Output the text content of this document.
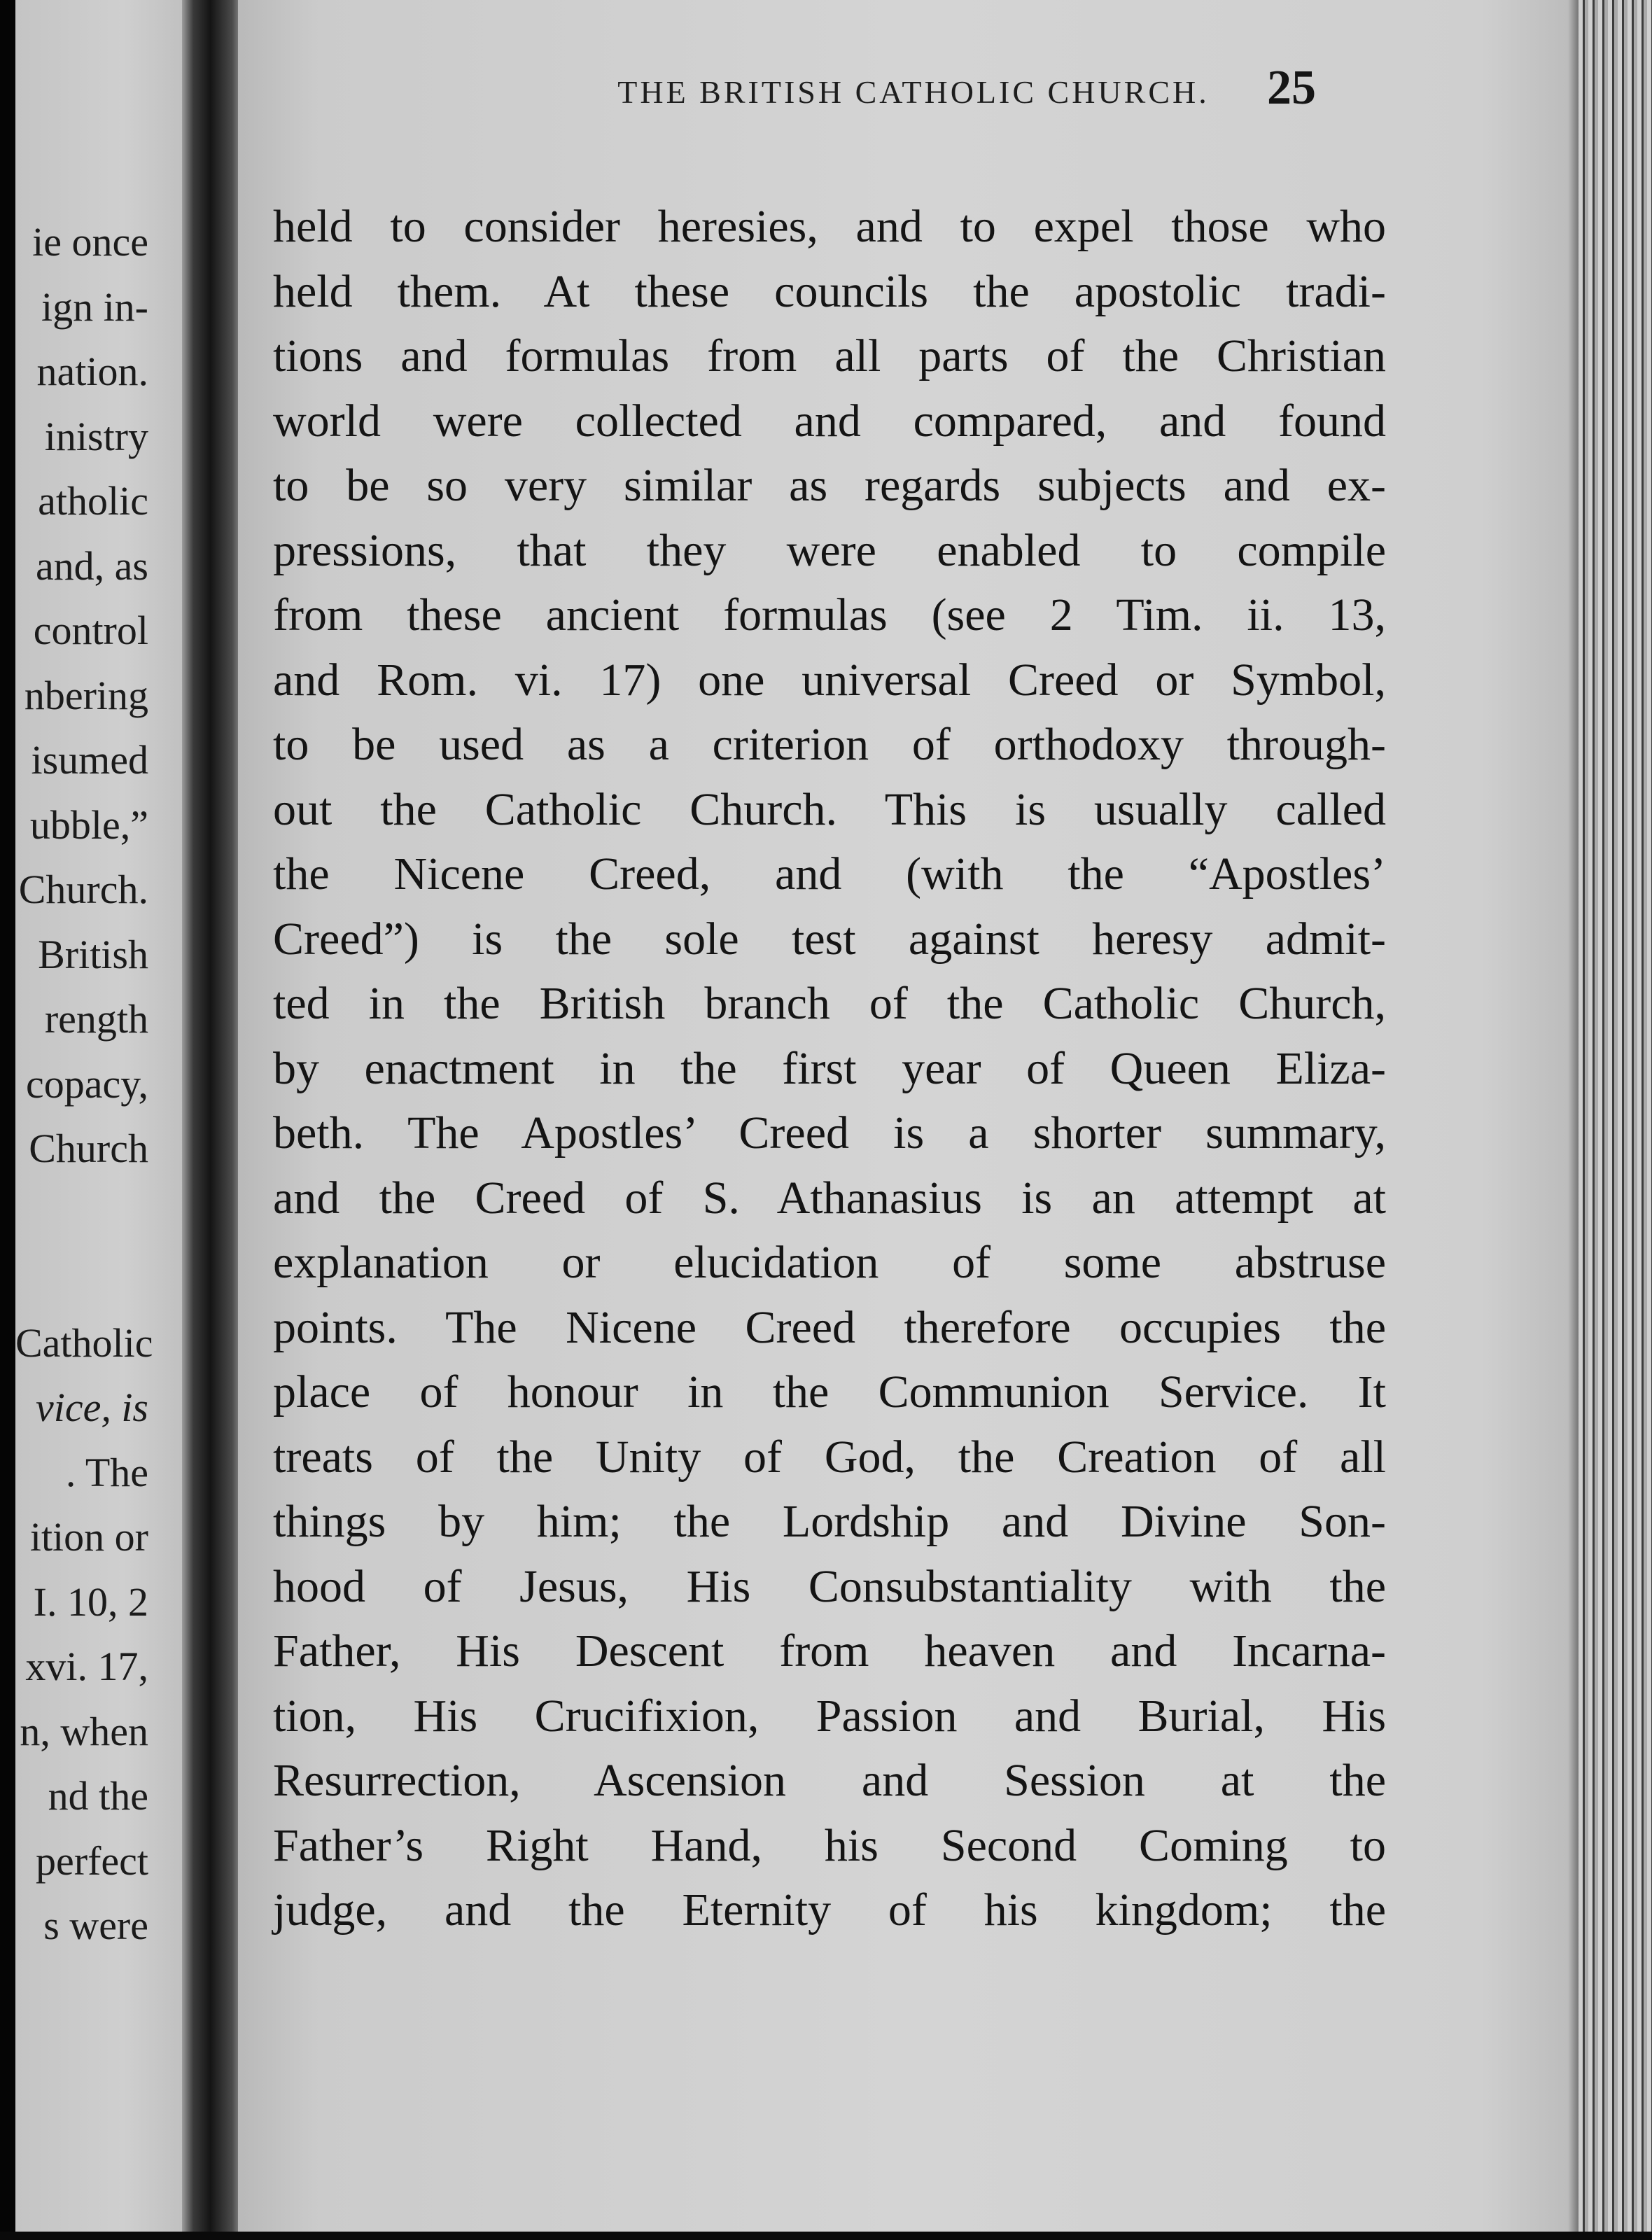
ie once
ign in-
nation.
inistry
atholic
and, as
control
nbering
isumed
ubble,”
Church.
British
rength
copacy,
Church
Catholic
vice, is
. The
ition or
I. 10, 2
xvi. 17,
n, when
nd the
perfect
s were
THE BRITISH CATHOLIC CHURCH.	25
held to consider heresies, and to expel those who
held them. At these councils the apostolic tradi-
tions and formulas from all parts of the Christian
world were collected and compared, and found
to be so very similar as regards subjects and ex-
pressions, that they were enabled to compile
from these ancient formulas (see 2 Tim. ii. 13,
and Rom. vi. 17) one universal Creed or Symbol,
to be used as a criterion of orthodoxy through-
out the Catholic Church. This is usually called
the Nicene Creed, and (with the “Apostles’
Creed”) is the sole test against heresy admit-
ted in the British branch of the Catholic Church,
by enactment in the first year of Queen Eliza-
beth. The Apostles’ Creed is a shorter summary,
and the Creed of S. Athanasius is an attempt at
explanation or elucidation of some abstruse
points. The Nicene Creed therefore occupies the
place of honour in the Communion Service. It
treats of the Unity of God, the Creation of all
things by him; the Lordship and Divine Son-
hood of Jesus, His Consubstantiality with the
Father, His Descent from heaven and Incarna-
tion, His Crucifixion, Passion and Burial, His
Resurrection, Ascension and Session at the
Father’s Right Hand, his Second Coming to
judge, and the Eternity of his kingdom; the
